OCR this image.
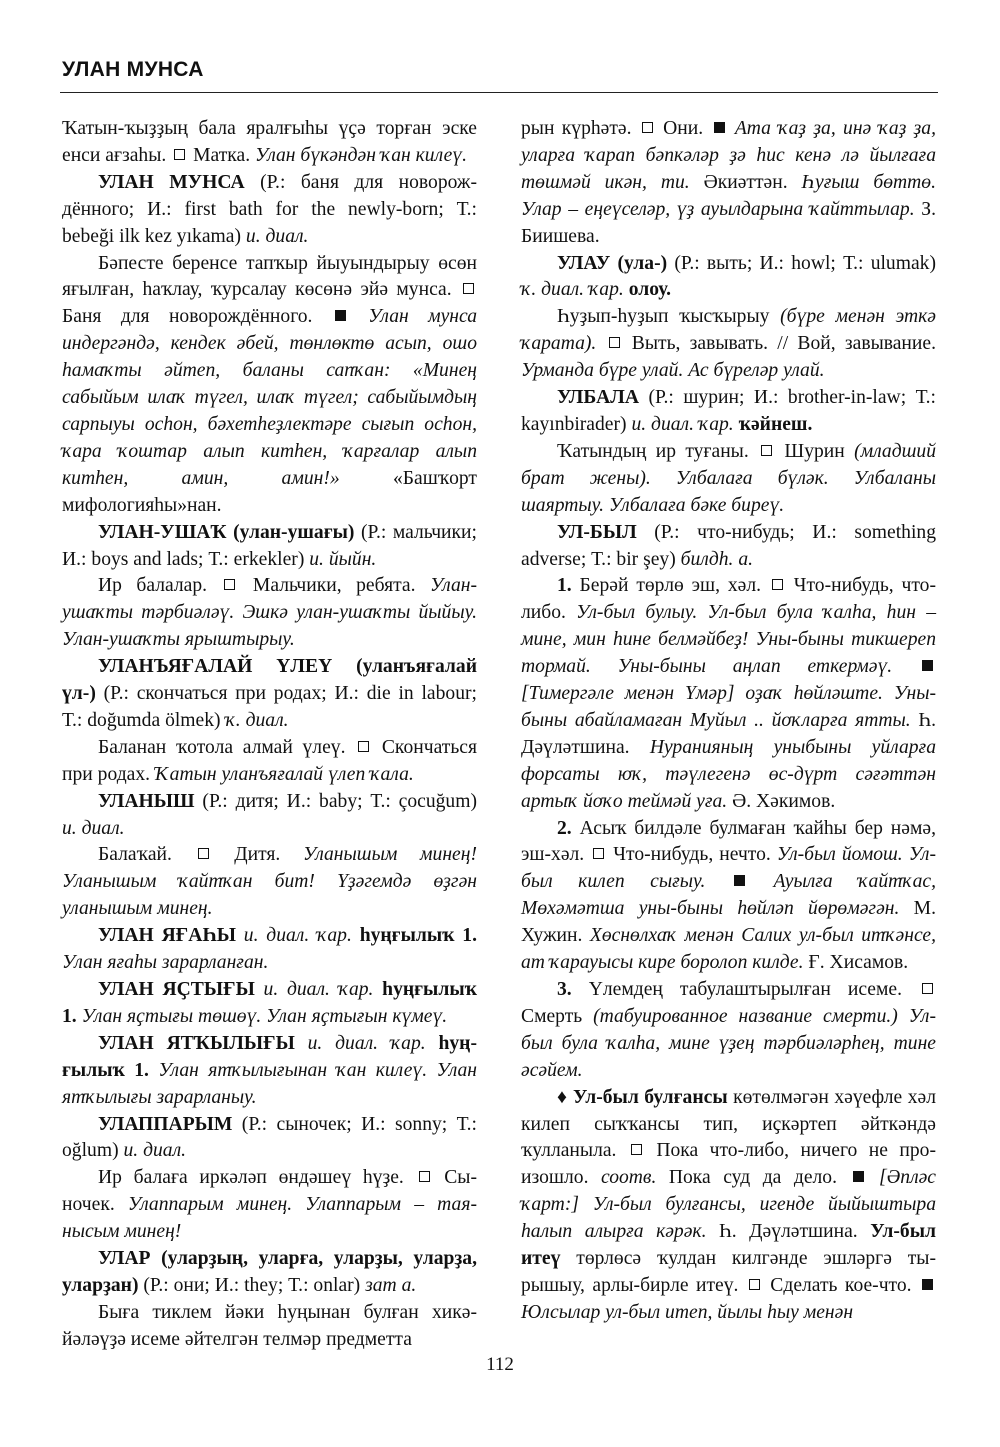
УЛАН МУНСА

Ҡатын-ҡыҙҙың бала яралғыһы үҫә торған эске енси ағзаһы.  Матка. Улан бүкәндән ҡан килеү.

УЛАН МУНСА (Р.: баня для новорождённого; И.: first bath for the newly-born; Т.: bebeği ilk kez yıkama) и. диал.

Бәпесте беренсе тапҡыр йыуындырыу өсөн яғылған, һаҡлау, ҡурсалау көсөнә эйә мунса.  Баня для новорождённого.  Улан мунса индергәндә, кендек әбей, төнлөктө асып, ошо һамаҡты әйтеп, баланы сапҡан: «Минең сабыйым илаҡ түгел, илаҡ түгел; сабыйымдың сарпыуы осһон, бәхетһеҙлектәре сығып осһон, ҡара ҡоштар алып китһен, ҡарғалар алып китһен, амин, амин!» «Башҡорт мифологияһы»нан.

УЛАН-УШАҠ (улан-ушағы) (Р.: мальчики; И.: boys and lads; Т.: erkekler) и. йыйн.

Ир балалар.  Мальчики, ребята. Уланушаҡты тәрбиәләү. Эшкә улан-ушаҡты йыйыу. Улан-ушаҡты ярыштырыу.

УЛАНЪЯҒАЛАЙ ҮЛЕҮ (уланъяғалай үл-) (Р.: скончаться при родах; И.: die in labour; Т.: doğumda ölmek) ҡ. диал.

Баланан ҡотола алмай үлеү.  Скончаться при родах. Ҡатын уланъяғалай үлеп ҡала.

УЛАНЫШ (Р.: дитя; И.: baby; Т.: çocuğum) и. диал.

Балаҡай.  Дитя. Уланышым минең! Уланышым ҡайтҡан бит! Үҙәгемдә өҙгән уланышым минең.

УЛАН ЯҒАҺЫ и. диал. ҡар. һуңғылыҡ 1. Улан яғаһы зарарланған.

УЛАН ЯҪТЫҒЫ и. диал. ҡар. һуңғылыҡ 1. Улан яҫтығы төшөү. Улан яҫтығын күмеү.

УЛАН ЯТҠЫЛЫҒЫ и. диал. ҡар. һуңғылыҡ 1. Улан ятҡылығынан ҡан килеү. Улан ятҡылығы зарарланыу.

УЛАППАРЫМ (Р.: сыночек; И.: sonny; Т.: oğlum) и. диал.

Ир балаға иркәләп өндәшеү һүҙе.  Сыночек. Улаппарым минең. Улаппарым – таянысым минең!

УЛАР (уларҙың, уларға, уларҙы, уларҙа, уларҙан) (Р.: они; И.: they; Т.: onlar) зат а.

Быға тиклем йәки һуңынан булған хикәйәләүҙә исеме әйтелгән телмәр предметта

рын күрһәтә.  Они.  Ата ҡаҙ ҙа, инә ҡаҙ ҙа, уларға ҡарап бәпкәләр ҙә һис кенә лә йылғаға төшмәй икән, ти. Әкиәттән. Һуғыш бөттө. Улар – еңеүселәр, үҙ ауылдарына ҡайттылар. З. Биишева.

УЛАУ (ула-) (Р.: выть; И.: howl; Т.: ulumak) ҡ. диал. ҡар. олоу.

Һуҙып-һуҙып ҡысҡырыу (бүре менән эткә ҡарата).  Выть, завывать. // Вой, завывание. Урманда бүре улай. Ас бүреләр улай.

УЛБАЛА (Р.: шурин; И.: brother-in-law; Т.: kayınbirader) и. диал. ҡар. ҡәйнеш.

Ҡатындың ир туғаны.  Шурин (младший брат жены). Улбалаға бүләк. Улбаланы шаяртыу. Улбалаға бәке биреү.

УЛ-БЫЛ (Р.: что-нибудь; И.: something adverse; Т.: bir şey) билдһ. а.

1. Берәй төрлө эш, хәл.  Что-нибудь, что-либо. Ул-был булыу. Ул-был була ҡалһа, һин – мине, мин һине белмәйбеҙ! Уны-быны тикшереп тормай. Уны-быны аңлап еткермәү.  [Тимергәле менән Үмәр] оҙаҡ һөйләште. Уны-быны абайламаған Муйыл .. йоҡларға ятты. Һ. Дәүләтшина. Нуранияның уныбыны уйларға форсаты юҡ, тәүлегенә өс-дүрт сәғәттән артыҡ йоҡо теймәй уға. Ә. Хәкимов.

2. Асыҡ билдәле булмаған ҡайһы бер нәмә, эш-хәл.  Что-нибудь, нечто. Ул-был йомош. Ул-был килеп сығыу.	Ауылға ҡайтҡас, Мөхәмәтша уны-быны һөйләп йөрөмәгән. М. Хужин. Хөснөлхаҡ менән Салих ул-был итҡәнсе, ат ҡарауысы кире боролоп килде. Ғ. Хисамов.

3. Үлемдең табулаштырылған исеме.  Смерть (табуированное название смерти.) Ул-был була ҡалһа, мине үҙең тәрбиәләрһең, тине әсәйем.

♦ Ул-был булғансы көтөлмәгән хәүефле хәл килеп сыҡҡансы тип, иҫкәртеп әйткәндә ҡулланыла.  Пока что-либо, ничего не произошло. соотв. Пока суд да дело.  [Әпләс ҡарт:] Ул-был булғансы, игенде йыйыштыра һалып алырға кәрәк. Һ. Дәүләтшина. Ул-был итеү төрлөсә ҡулдан килгәнде эшләргә тырышыу, арлы-бирле итеү.  Сделать кое-что.  Юлсылар ул-был итеп, йылы һыу менән

112
